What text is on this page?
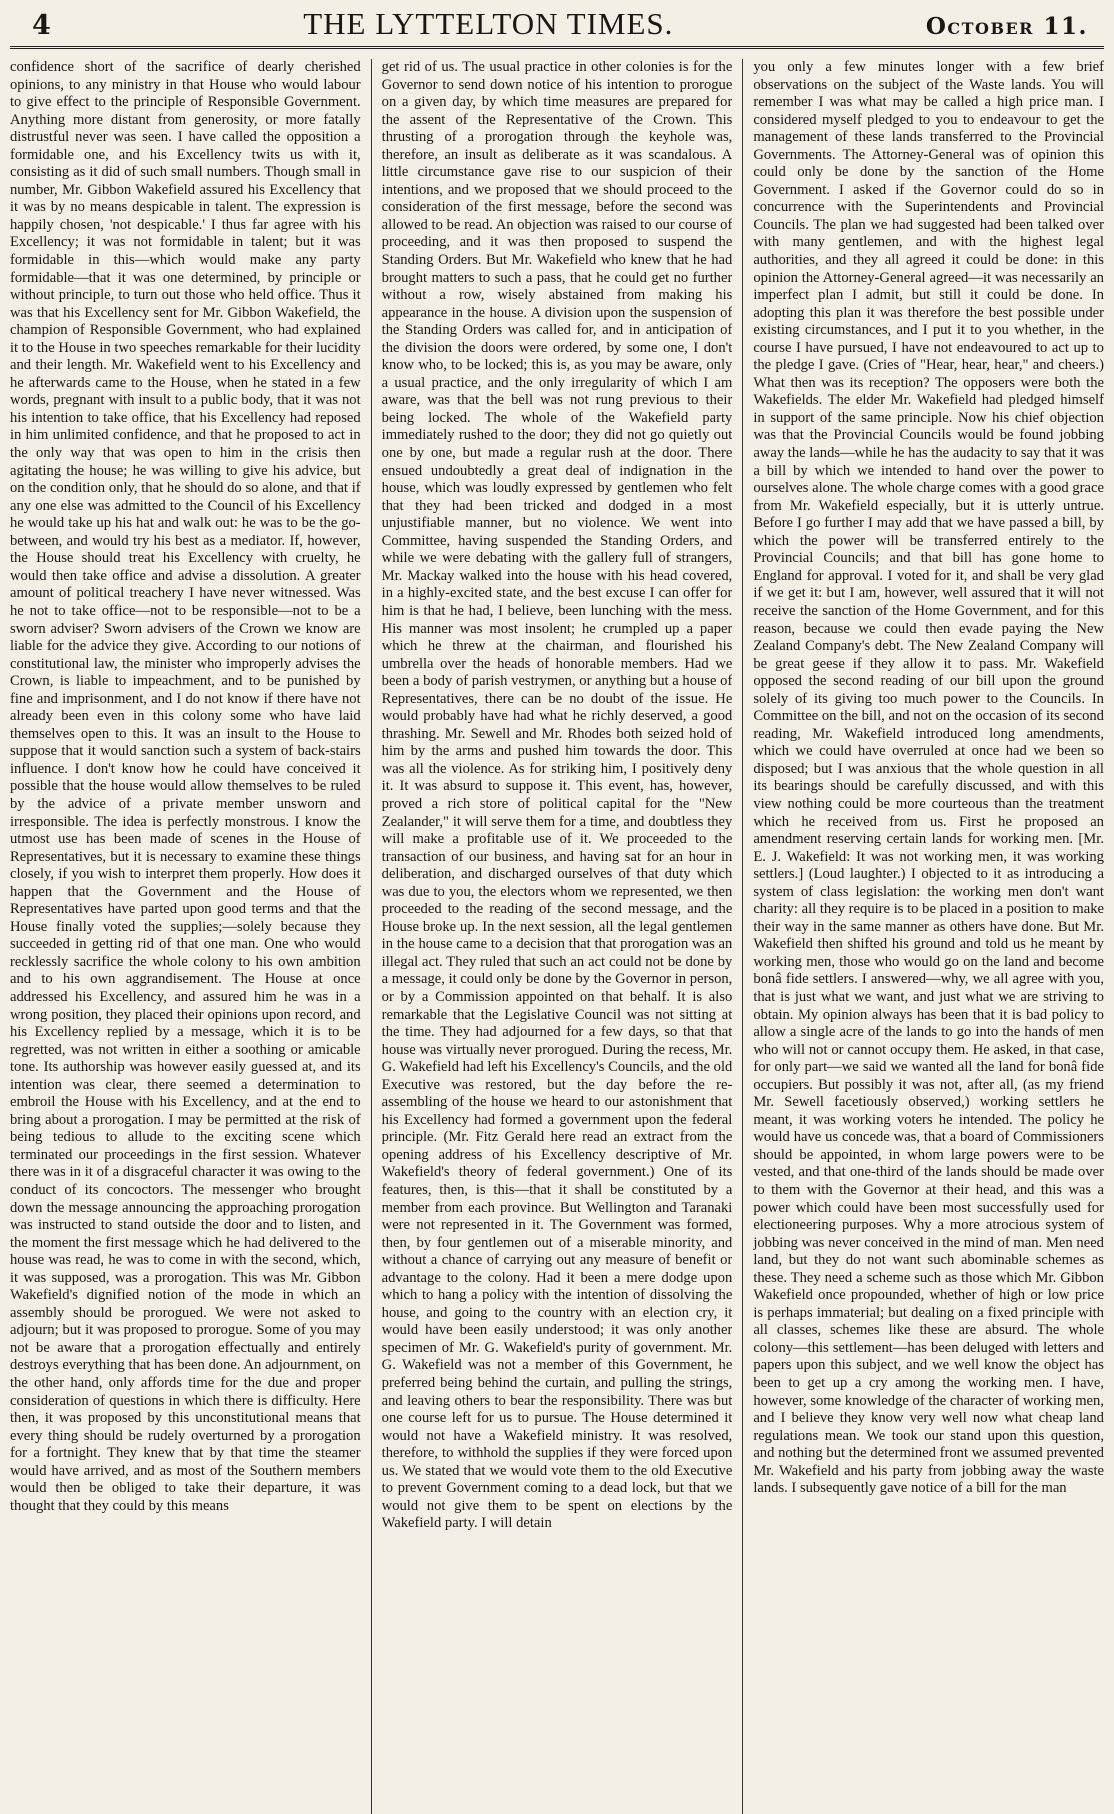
4	THE LYTTELTON TIMES.	October 11.

confidence short of the sacrifice of dearly cherished opinions, to any ministry in that House who would labour to give effect to the principle of Responsible Government. Anything more distant from generosity, or more fatally distrustful never was seen. I have called the opposition a formidable one, and his Excellency twits us with it, consisting as it did of such small numbers. Though small in number, Mr. Gibbon Wakefield assured his Excellency that it was by no means despicable in talent. The expression is happily chosen, 'not despicable.' I thus far agree with his Excellency; it was not formidable in talent; but it was formidable in this—which would make any party formidable—that it was one determined, by principle or without principle, to turn out those who held office. Thus it was that his Excellency sent for Mr. Gibbon Wakefield, the champion of Responsible Government, who had explained it to the House in two speeches remarkable for their lucidity and their length. Mr. Wakefield went to his Excellency and he afterwards came to the House, when he stated in a few words, pregnant with insult to a public body, that it was not his intention to take office, that his Excellency had reposed in him unlimited confidence, and that he proposed to act in the only way that was open to him in the crisis then agitating the house; he was willing to give his advice, but on the condition only, that he should do so alone, and that if any one else was admitted to the Council of his Excellency he would take up his hat and walk out: he was to be the go-between, and would try his best as a mediator. If, however, the House should treat his Excellency with cruelty, he would then take office and advise a dissolution. A greater amount of political treachery I have never witnessed. Was he not to take office—not to be responsible—not to be a sworn adviser? Sworn advisers of the Crown we know are liable for the advice they give. According to our notions of constitutional law, the minister who improperly advises the Crown, is liable to impeachment, and to be punished by fine and imprisonment, and I do not know if there have not already been even in this colony some who have laid themselves open to this. It was an insult to the House to suppose that it would sanction such a system of back-stairs influence. I don't know how he could have conceived it possible that the house would allow themselves to be ruled by the advice of a private member unsworn and irresponsible. The idea is perfectly monstrous. I know the utmost use has been made of scenes in the House of Representatives, but it is necessary to examine these things closely, if you wish to interpret them properly. How does it happen that the Government and the House of Representatives have parted upon good terms and that the House finally voted the supplies;—solely because they succeeded in getting rid of that one man. One who would recklessly sacrifice the whole colony to his own ambition and to his own aggrandisement. The House at once addressed his Excellency, and assured him he was in a wrong position, they placed their opinions upon record, and his Excellency replied by a message, which it is to be regretted, was not written in either a soothing or amicable tone. Its authorship was however easily guessed at, and its intention was clear, there seemed a determination to embroil the House with his Excellency, and at the end to bring about a prorogation. I may be permitted at the risk of being tedious to allude to the exciting scene which terminated our proceedings in the first session. Whatever there was in it of a disgraceful character it was owing to the conduct of its concoctors. The messenger who brought down the message announcing the approaching prorogation was instructed to stand outside the door and to listen, and the moment the first message which he had delivered to the house was read, he was to come in with the second, which, it was supposed, was a prorogation. This was Mr. Gibbon Wakefield's dignified notion of the mode in which an assembly should be prorogued. We were not asked to adjourn; but it was proposed to prorogue. Some of you may not be aware that a prorogation effectually and entirely destroys everything that has been done. An adjournment, on the other hand, only affords time for the due and proper consideration of questions in which there is difficulty. Here then, it was proposed by this unconstitutional means that every thing should be rudely overturned by a prorogation for a fortnight. They knew that by that time the steamer would have arrived, and as most of the Southern members would then be obliged to take their departure, it was thought that they could by this means

get rid of us. The usual practice in other colonies is for the Governor to send down notice of his intention to prorogue on a given day, by which time measures are prepared for the assent of the Representative of the Crown. This thrusting of a prorogation through the keyhole was, therefore, an insult as deliberate as it was scandalous. A little circumstance gave rise to our suspicion of their intentions, and we proposed that we should proceed to the consideration of the first message, before the second was allowed to be read. An objection was raised to our course of proceeding, and it was then proposed to suspend the Standing Orders. But Mr. Wakefield who knew that he had brought matters to such a pass, that he could get no further without a row, wisely abstained from making his appearance in the house. A division upon the suspension of the Standing Orders was called for, and in anticipation of the division the doors were ordered, by some one, I don't know who, to be locked; this is, as you may be aware, only a usual practice, and the only irregularity of which I am aware, was that the bell was not rung previous to their being locked. The whole of the Wakefield party immediately rushed to the door; they did not go quietly out one by one, but made a regular rush at the door. There ensued undoubtedly a great deal of indignation in the house, which was loudly expressed by gentlemen who felt that they had been tricked and dodged in a most unjustifiable manner, but no violence. We went into Committee, having suspended the Standing Orders, and while we were debating with the gallery full of strangers, Mr. Mackay walked into the house with his head covered, in a highly-excited state, and the best excuse I can offer for him is that he had, I believe, been lunching with the mess. His manner was most insolent; he crumpled up a paper which he threw at the chairman, and flourished his umbrella over the heads of honorable members. Had we been a body of parish vestrymen, or anything but a house of Representatives, there can be no doubt of the issue. He would probably have had what he richly deserved, a good thrashing. Mr. Sewell and Mr. Rhodes both seized hold of him by the arms and pushed him towards the door. This was all the violence. As for striking him, I positively deny it. It was absurd to suppose it. This event, has, however, proved a rich store of political capital for the "New Zealander," it will serve them for a time, and doubtless they will make a profitable use of it. We proceeded to the transaction of our business, and having sat for an hour in deliberation, and discharged ourselves of that duty which was due to you, the electors whom we represented, we then proceeded to the reading of the second message, and the House broke up. In the next session, all the legal gentlemen in the house came to a decision that that prorogation was an illegal act. They ruled that such an act could not be done by a message, it could only be done by the Governor in person, or by a Commission appointed on that behalf. It is also remarkable that the Legislative Council was not sitting at the time. They had adjourned for a few days, so that that house was virtually never prorogued. During the recess, Mr. G. Wakefield had left his Excellency's Councils, and the old Executive was restored, but the day before the re-assembling of the house we heard to our astonishment that his Excellency had formed a government upon the federal principle. (Mr. Fitz Gerald here read an extract from the opening address of his Excellency descriptive of Mr. Wakefield's theory of federal government.) One of its features, then, is this—that it shall be constituted by a member from each province. But Wellington and Taranaki were not represented in it. The Government was formed, then, by four gentlemen out of a miserable minority, and without a chance of carrying out any measure of benefit or advantage to the colony. Had it been a mere dodge upon which to hang a policy with the intention of dissolving the house, and going to the country with an election cry, it would have been easily understood; it was only another specimen of Mr. G. Wakefield's purity of government. Mr. G. Wakefield was not a member of this Government, he preferred being behind the curtain, and pulling the strings, and leaving others to bear the responsibility. There was but one course left for us to pursue. The House determined it would not have a Wakefield ministry. It was resolved, therefore, to withhold the supplies if they were forced upon us. We stated that we would vote them to the old Executive to prevent Government coming to a dead lock, but that we would not give them to be spent on elections by the Wakefield party. I will detain

you only a few minutes longer with a few brief observations on the subject of the Waste lands. You will remember I was what may be called a high price man. I considered myself pledged to you to endeavour to get the management of these lands transferred to the Provincial Governments. The Attorney-General was of opinion this could only be done by the sanction of the Home Government. I asked if the Governor could do so in concurrence with the Superintendents and Provincial Councils. The plan we had suggested had been talked over with many gentlemen, and with the highest legal authorities, and they all agreed it could be done: in this opinion the Attorney-General agreed—it was necessarily an imperfect plan I admit, but still it could be done. In adopting this plan it was therefore the best possible under existing circumstances, and I put it to you whether, in the course I have pursued, I have not endeavoured to act up to the pledge I gave. (Cries of "Hear, hear, hear," and cheers.) What then was its reception? The opposers were both the Wakefields. The elder Mr. Wakefield had pledged himself in support of the same principle. Now his chief objection was that the Provincial Councils would be found jobbing away the lands—while he has the audacity to say that it was a bill by which we intended to hand over the power to ourselves alone. The whole charge comes with a good grace from Mr. Wakefield especially, but it is utterly untrue. Before I go further I may add that we have passed a bill, by which the power will be transferred entirely to the Provincial Councils; and that bill has gone home to England for approval. I voted for it, and shall be very glad if we get it: but I am, however, well assured that it will not receive the sanction of the Home Government, and for this reason, because we could then evade paying the New Zealand Company's debt. The New Zealand Company will be great geese if they allow it to pass. Mr. Wakefield opposed the second reading of our bill upon the ground solely of its giving too much power to the Councils. In Committee on the bill, and not on the occasion of its second reading, Mr. Wakefield introduced long amendments, which we could have overruled at once had we been so disposed; but I was anxious that the whole question in all its bearings should be carefully discussed, and with this view nothing could be more courteous than the treatment which he received from us. First he proposed an amendment reserving certain lands for working men. [Mr. E. J. Wakefield: It was not working men, it was working settlers.] (Loud laughter.) I objected to it as introducing a system of class legislation: the working men don't want charity: all they require is to be placed in a position to make their way in the same manner as others have done. But Mr. Wakefield then shifted his ground and told us he meant by working men, those who would go on the land and become bonâ fide settlers. I answered—why, we all agree with you, that is just what we want, and just what we are striving to obtain. My opinion always has been that it is bad policy to allow a single acre of the lands to go into the hands of men who will not or cannot occupy them. He asked, in that case, for only part—we said we wanted all the land for bonâ fide occupiers. But possibly it was not, after all, (as my friend Mr. Sewell facetiously observed,) working settlers he meant, it was working voters he intended. The policy he would have us concede was, that a board of Commissioners should be appointed, in whom large powers were to be vested, and that one-third of the lands should be made over to them with the Governor at their head, and this was a power which could have been most successfully used for electioneering purposes. Why a more atrocious system of jobbing was never conceived in the mind of man. Men need land, but they do not want such abominable schemes as these. They need a scheme such as those which Mr. Gibbon Wakefield once propounded, whether of high or low price is perhaps immaterial; but dealing on a fixed principle with all classes, schemes like these are absurd. The whole colony—this settlement—has been deluged with letters and papers upon this subject, and we well know the object has been to get up a cry among the working men. I have, however, some knowledge of the character of working men, and I believe they know very well now what cheap land regulations mean. We took our stand upon this question, and nothing but the determined front we assumed prevented Mr. Wakefield and his party from jobbing away the waste lands. I subsequently gave notice of a bill for the man
